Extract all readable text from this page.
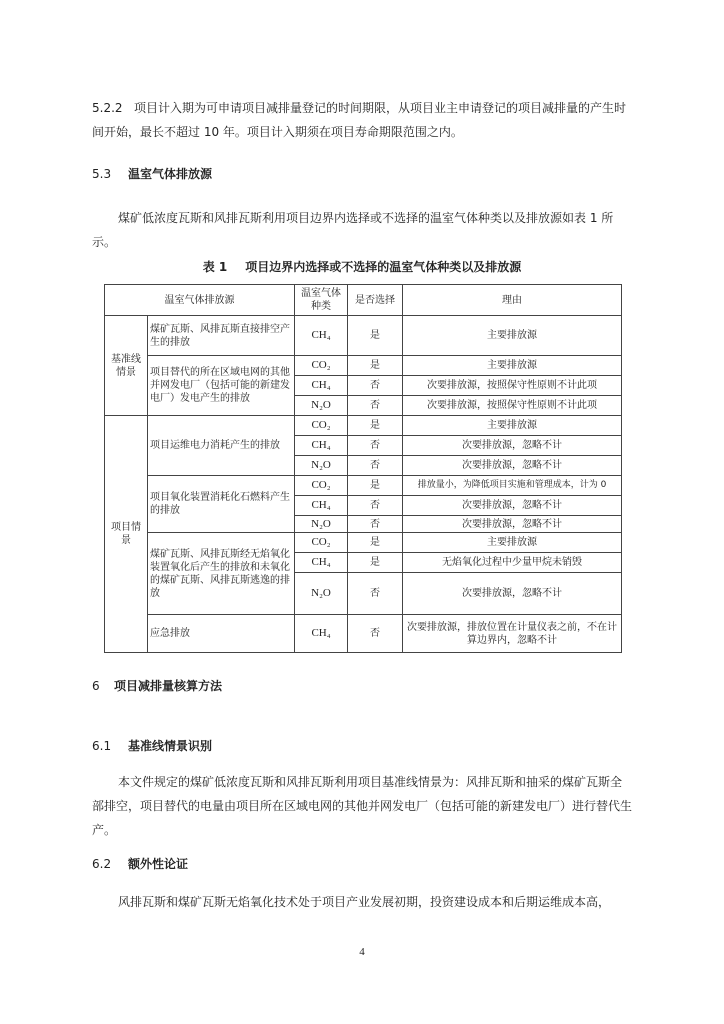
5.2.2 项目计入期为可申请项目减排量登记的时间期限，从项目业主申请登记的项目减排量的产生时间开始，最长不超过 10 年。项目计入期须在项目寿命期限范围之内。

5.3 温室气体排放源

煤矿低浓度瓦斯和风排瓦斯利用项目边界内选择或不选择的温室气体种类以及排放源如表 1 所示。

表 1 项目边界内选择或不选择的温室气体种类以及排放源

温室气体排放源		温室气体种类	是否选择	理由
基准线情景	煤矿瓦斯、风排瓦斯直接排空产生的排放	CH₄	是	主要排放源
	项目替代的所在区域电网的其他并网发电厂（包括可能的新建发电厂）发电产生的排放	CO₂	是	主要排放源
		CH₄	否	次要排放源，按照保守性原则不计此项
		N₂O	否	次要排放源，按照保守性原则不计此项
项目情景	项目运维电力消耗产生的排放	CO₂	是	主要排放源
		CH₄	否	次要排放源，忽略不计
		N₂O	否	次要排放源，忽略不计
	项目氧化装置消耗化石燃料产生的排放	CO₂	是	排放量小，为降低项目实施和管理成本，计为 0
		CH₄	否	次要排放源，忽略不计
		N₂O	否	次要排放源，忽略不计
	煤矿瓦斯、风排瓦斯经无焰氧化装置氧化后产生的排放和未氧化的煤矿瓦斯、风排瓦斯逃逸的排放	CO₂	是	主要排放源
		CH₄	是	无焰氧化过程中少量甲烷未销毁
		N₂O	否	次要排放源，忽略不计
	应急排放	CH₄	否	次要排放源，排放位置在计量仪表之前，不在计算边界内，忽略不计
6 项目减排量核算方法
6.1 基准线情景识别

本文件规定的煤矿低浓度瓦斯和风排瓦斯利用项目基准线情景为：风排瓦斯和抽采的煤矿瓦斯全部排空，项目替代的电量由项目所在区域电网的其他并网发电厂（包括可能的新建发电厂）进行替代生产。

6.2 额外性论证

风排瓦斯和煤矿瓦斯无焰氧化技术处于项目产业发展初期，投资建设成本和后期运维成本高，

4
